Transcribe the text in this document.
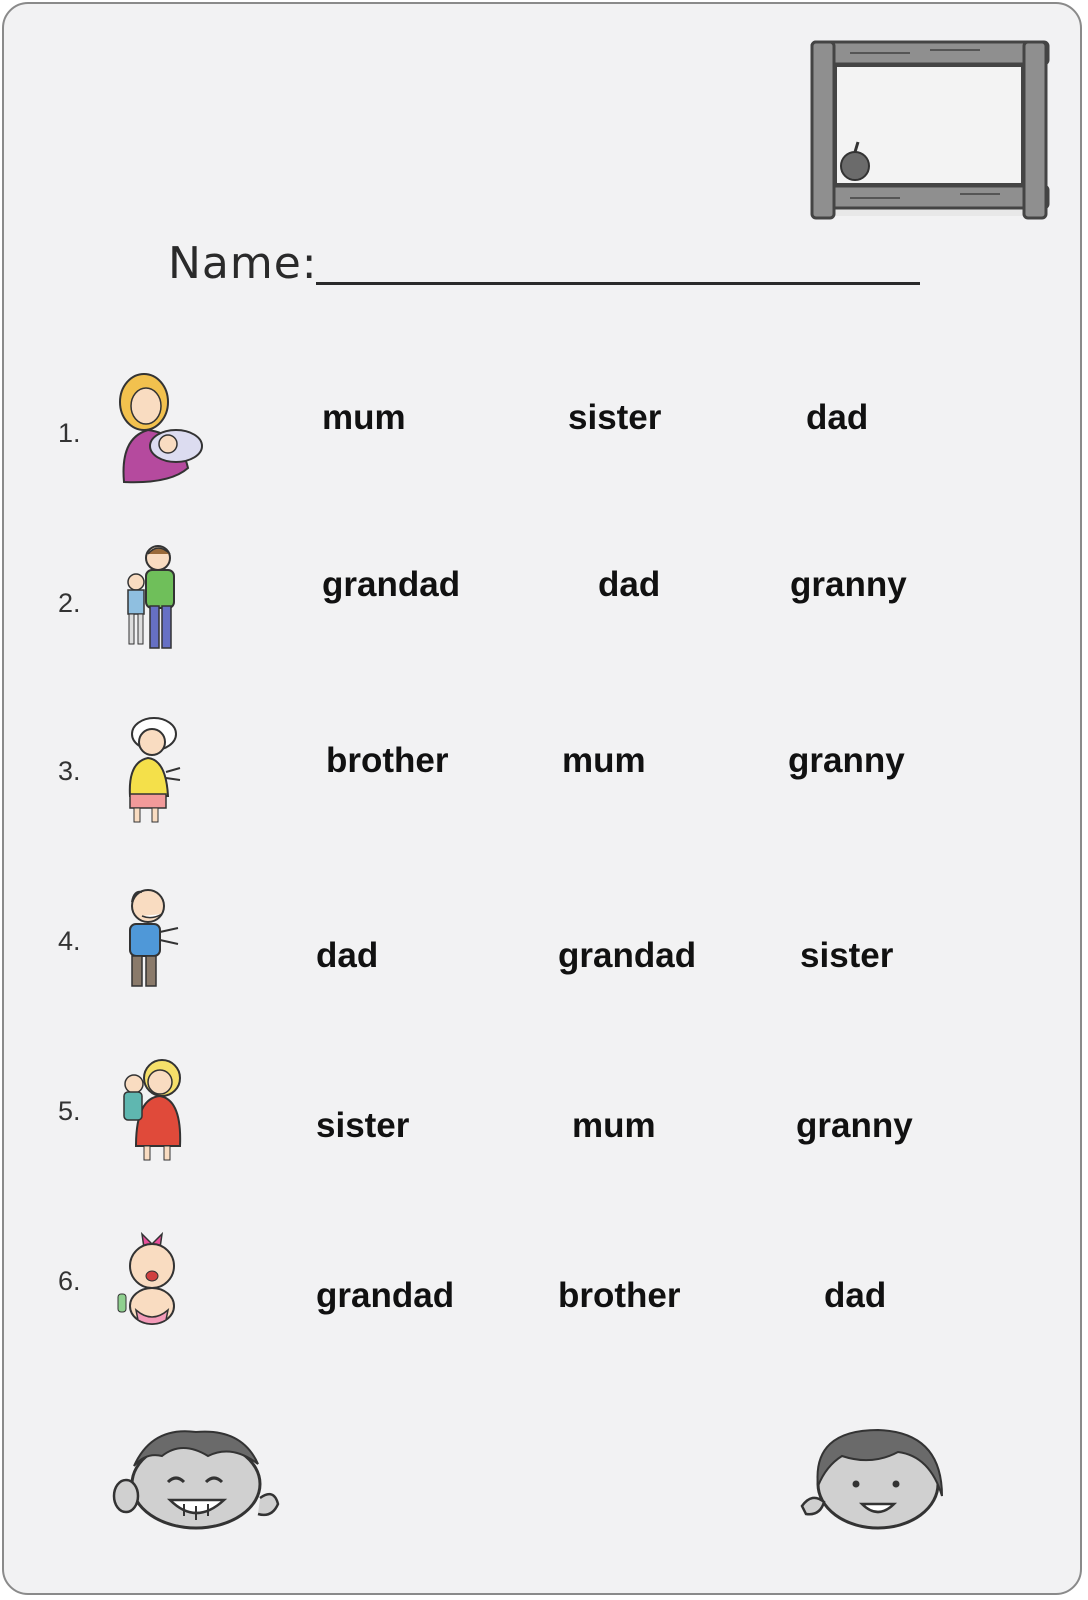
Name:
1.	mum	sister	dad
2.	grandad	dad	granny
3.	brother	mum	granny
4.	dad	grandad	sister
5.	sister	mum	granny
6.	grandad	brother	dad
